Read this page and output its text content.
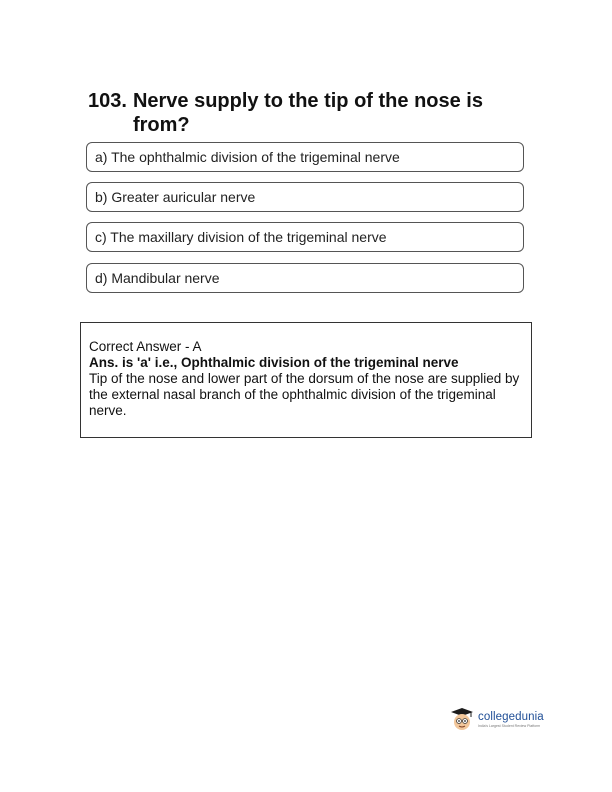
103. Nerve supply to the tip of the nose is from?
a) The ophthalmic division of the trigeminal nerve
b) Greater auricular nerve
c) The maxillary division of the trigeminal nerve
d) Mandibular nerve
Correct Answer - A
Ans. is 'a' i.e., Ophthalmic division of the trigeminal nerve
Tip of the nose and lower part of the dorsum of the nose are supplied by the external nasal branch of the ophthalmic division of the trigeminal nerve.
collegedunia
India's Largest Student Review Platform
